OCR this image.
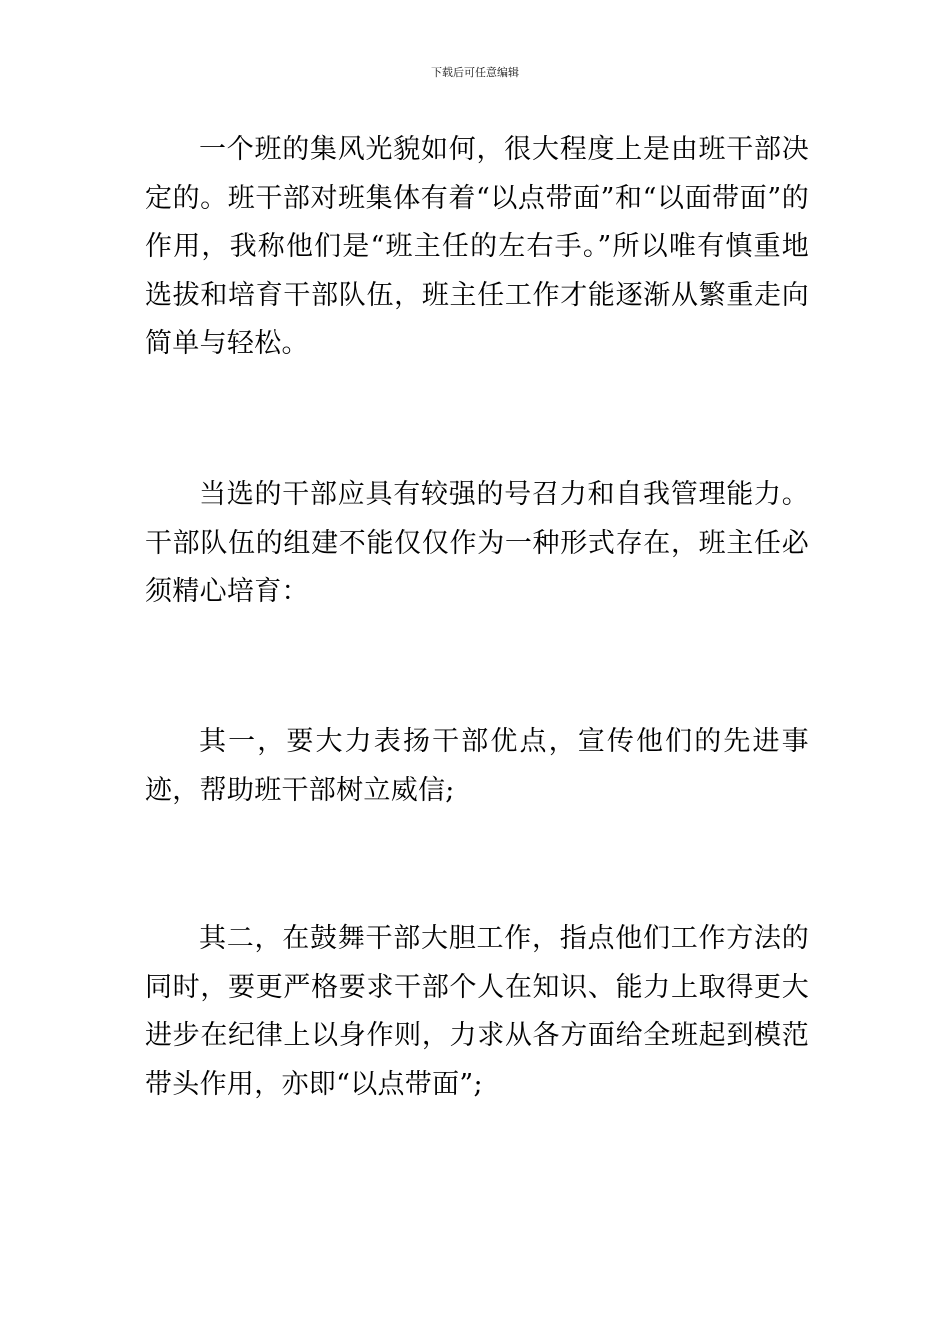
下载后可任意编辑

一个班的集风光貌如何，很大程度上是由班干部决定的。班干部对班集体有着“以点带面”和“以面带面”的作用，我称他们是“班主任的左右手。”所以唯有慎重地选拔和培育干部队伍，班主任工作才能逐渐从繁重走向简单与轻松。

当选的干部应具有较强的号召力和自我管理能力。干部队伍的组建不能仅仅作为一种形式存在，班主任必须精心培育：

其一，要大力表扬干部优点，宣传他们的先进事迹，帮助班干部树立威信;

其二，在鼓舞干部大胆工作，指点他们工作方法的同时，要更严格要求干部个人在知识、能力上取得更大进步在纪律上以身作则，力求从各方面给全班起到模范带头作用，亦即“以点带面”;
